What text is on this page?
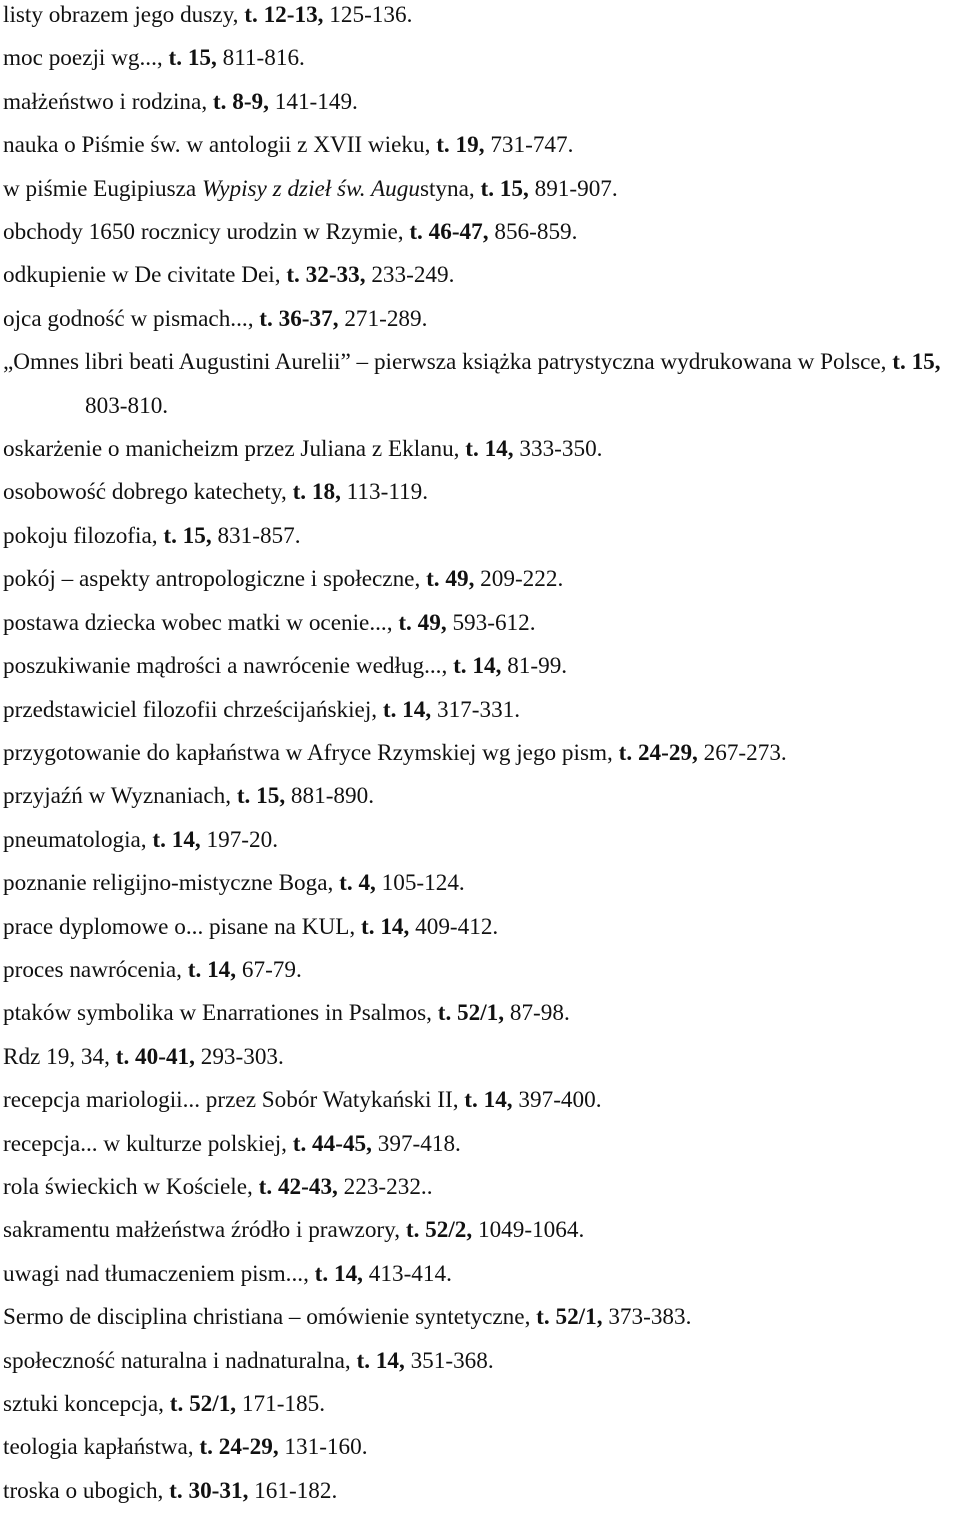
listy obrazem jego duszy, t. 12-13, 125-136.
moc poezji wg..., t. 15, 811-816.
małżeństwo i rodzina, t. 8-9, 141-149.
nauka o Piśmie św. w antologii z XVII wieku, t. 19, 731-747.
w piśmie Eugipiusza Wypisy z dzieł św. Augustyna, t. 15, 891-907.
obchody 1650 rocznicy urodzin w Rzymie, t. 46-47, 856-859.
odkupienie w De civitate Dei, t. 32-33, 233-249.
ojca godność w pismach..., t. 36-37, 271-289.
„Omnes libri beati Augustini Aurelii” – pierwsza książka patrystyczna wydrukowana w Polsce, t. 15, 803-810.
oskarżenie o manicheizm przez Juliana z Eklanu, t. 14, 333-350.
osobowość dobrego katechety, t. 18, 113-119.
pokoju filozofia, t. 15, 831-857.
pokój – aspekty antropologiczne i społeczne, t. 49, 209-222.
postawa dziecka wobec matki w ocenie..., t. 49, 593-612.
poszukiwanie mądrości a nawrócenie według..., t. 14, 81-99.
przedstawiciel filozofii chrześcijańskiej, t. 14, 317-331.
przygotowanie do kapłaństwa w Afryce Rzymskiej wg jego pism, t. 24-29, 267-273.
przyjaźń w Wyznaniach, t. 15, 881-890.
pneumatologia, t. 14, 197-20.
poznanie religijno-mistyczne Boga, t. 4, 105-124.
prace dyplomowe o... pisane na KUL, t. 14, 409-412.
proces nawrócenia, t. 14, 67-79.
ptaków symbolika w Enarrationes in Psalmos, t. 52/1, 87-98.
Rdz 19, 34, t. 40-41, 293-303.
recepcja mariologii... przez Sobór Watykański II, t. 14, 397-400.
recepcja... w kulturze polskiej, t. 44-45, 397-418.
rola świeckich w Kościele, t. 42-43, 223-232..
sakramentu małżeństwa źródło i prawzory, t. 52/2, 1049-1064.
uwagi nad tłumaczeniem pism..., t. 14, 413-414.
Sermo de disciplina christiana – omówienie syntetyczne, t. 52/1, 373-383.
społeczność naturalna i nadnaturalna, t. 14, 351-368.
sztuki koncepcja, t. 52/1, 171-185.
teologia kapłaństwa, t. 24-29, 131-160.
troska o ubogich, t. 30-31, 161-182.
